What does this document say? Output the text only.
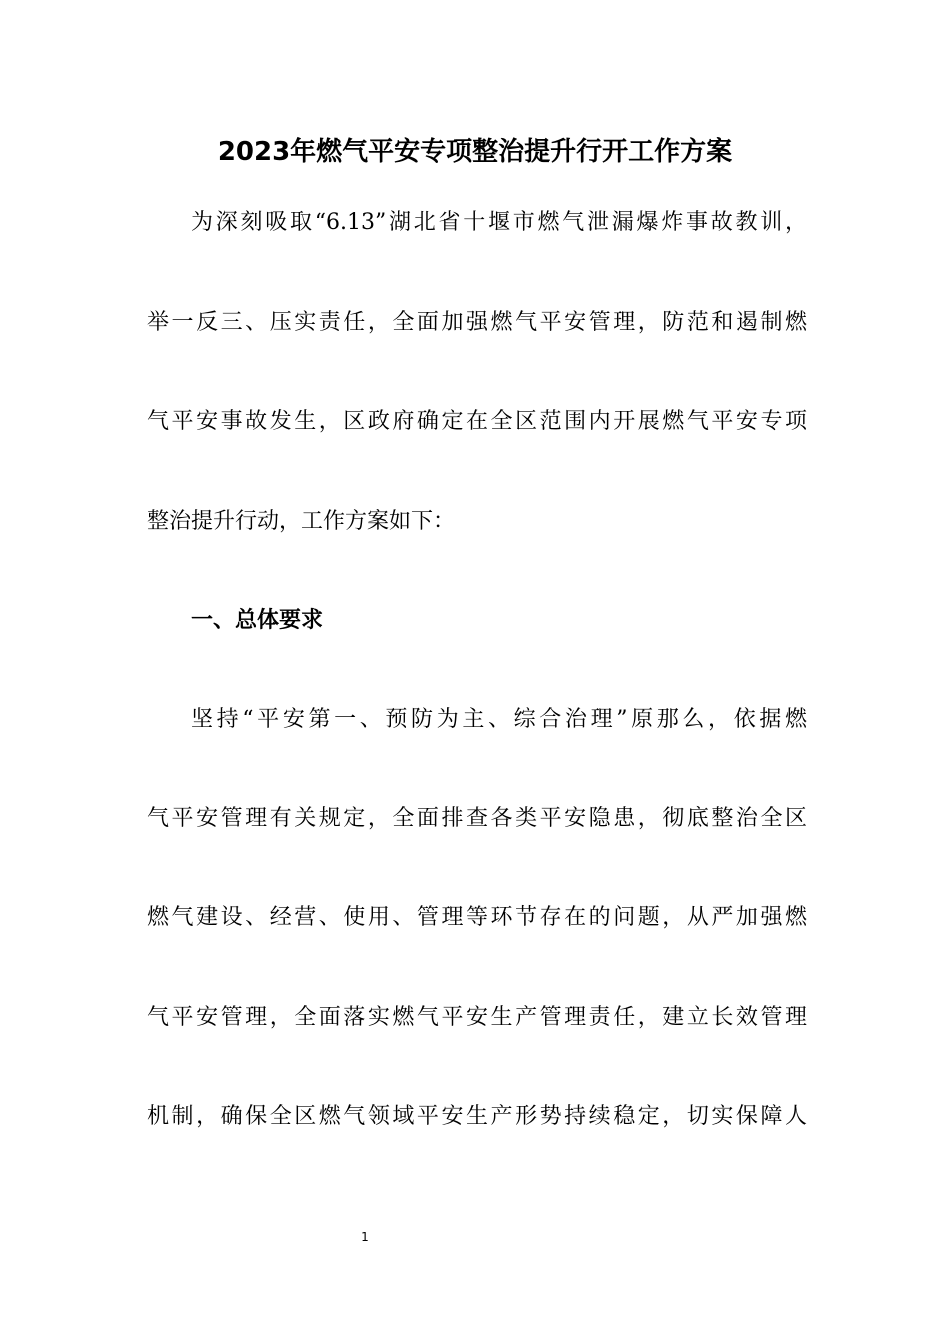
2023年燃气平安专项整治提升行开工作方案

为深刻吸取“6.13”湖北省十堰市燃气泄漏爆炸事故教训，

举一反三、压实责任，全面加强燃气平安管理，防范和遏制燃

气平安事故发生，区政府确定在全区范围内开展燃气平安专项

整治提升行动，工作方案如下：

一、总体要求

坚持“平安第一、预防为主、综合治理”原那么，依据燃

气平安管理有关规定，全面排查各类平安隐患，彻底整治全区

燃气建设、经营、使用、管理等环节存在的问题，从严加强燃

气平安管理，全面落实燃气平安生产管理责任，建立长效管理

机制，确保全区燃气领域平安生产形势持续稳定，切实保障人

1
